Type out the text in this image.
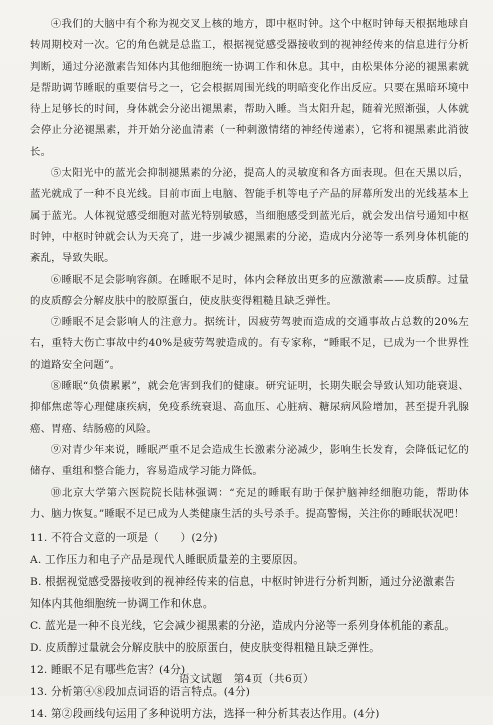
④我们的大脑中有个称为视交叉上核的地方，即中枢时钟。这个中枢时钟每天根据地球自转周期校对一次。它的角色就是总监工，根据视觉感受器接收到的视神经传来的信息进行分析判断，通过分泌激素告知体内其他细胞统一协调工作和休息。其中，由松果体分泌的褪黑素就是帮助调节睡眠的重要信号之一，它会根据周围光线的明暗变化作出反应。只要在黑暗环境中待上足够长的时间，身体就会分泌出褪黑素，帮助入睡。当太阳升起，随着光照渐强，人体就会停止分泌褪黑素，并开始分泌血清素（一种刺激情绪的神经传递素），它将和褪黑素此消彼长。

⑤太阳光中的蓝光会抑制褪黑素的分泌，提高人的灵敏度和各方面表现。但在天黑以后，蓝光就成了一种不良光线。目前市面上电脑、智能手机等电子产品的屏幕所发出的光线基本上属于蓝光。人体视觉感受细胞对蓝光特别敏感，当细胞感受到蓝光后，就会发出信号通知中枢时钟，中枢时钟就会认为天亮了，进一步减少褪黑素的分泌，造成内分泌等一系列身体机能的紊乱，导致失眠。

⑥睡眠不足会影响容颜。在睡眠不足时，体内会释放出更多的应激激素——皮质醇。过量的皮质醇会分解皮肤中的胶原蛋白，使皮肤变得粗糙且缺乏弹性。

⑦睡眠不足会影响人的注意力。据统计，因疲劳驾驶而造成的交通事故占总数的20%左右，重特大伤亡事故中约40%是疲劳驾驶造成的。有专家称，“睡眠不足，已成为一个世界性的道路安全问题”。

⑧睡眠“负债累累”，就会危害到我们的健康。研究证明，长期失眠会导致认知功能衰退、抑郁焦虑等心理健康疾病，免疫系统衰退、高血压、心脏病、糖尿病风险增加，甚至提升乳腺癌、胃癌、结肠癌的风险。

⑨对青少年来说，睡眠严重不足会造成生长激素分泌减少，影响生长发育，会降低记忆的储存、重组和整合能力，容易造成学习能力降低。

⑩北京大学第六医院院长陆林强调：“充足的睡眠有助于保护脑神经细胞功能，帮助体力、脑力恢复。”睡眠不足已成为人类健康生活的头号杀手。提高警惕，关注你的睡眠状况吧！

11. 不符合文意的一项是（　　）(2分)

A. 工作压力和电子产品是现代人睡眠质量差的主要原因。

B. 根据视觉感受器接收到的视神经传来的信息，中枢时钟进行分析判断，通过分泌激素告

知体内其他细胞统一协调工作和休息。

C. 蓝光是一种不良光线，它会减少褪黑素的分泌，造成内分泌等一系列身体机能的紊乱。

D. 皮质醇过量就会分解皮肤中的胶原蛋白，使皮肤变得粗糙且缺乏弹性。

12. 睡眠不足有哪些危害？(4分)

13. 分析第④⑧段加点词语的语言特点。(4分)

14. 第②段画线句运用了多种说明方法，选择一种分析其表达作用。(4分)

语文试题　第4页（共6页）
